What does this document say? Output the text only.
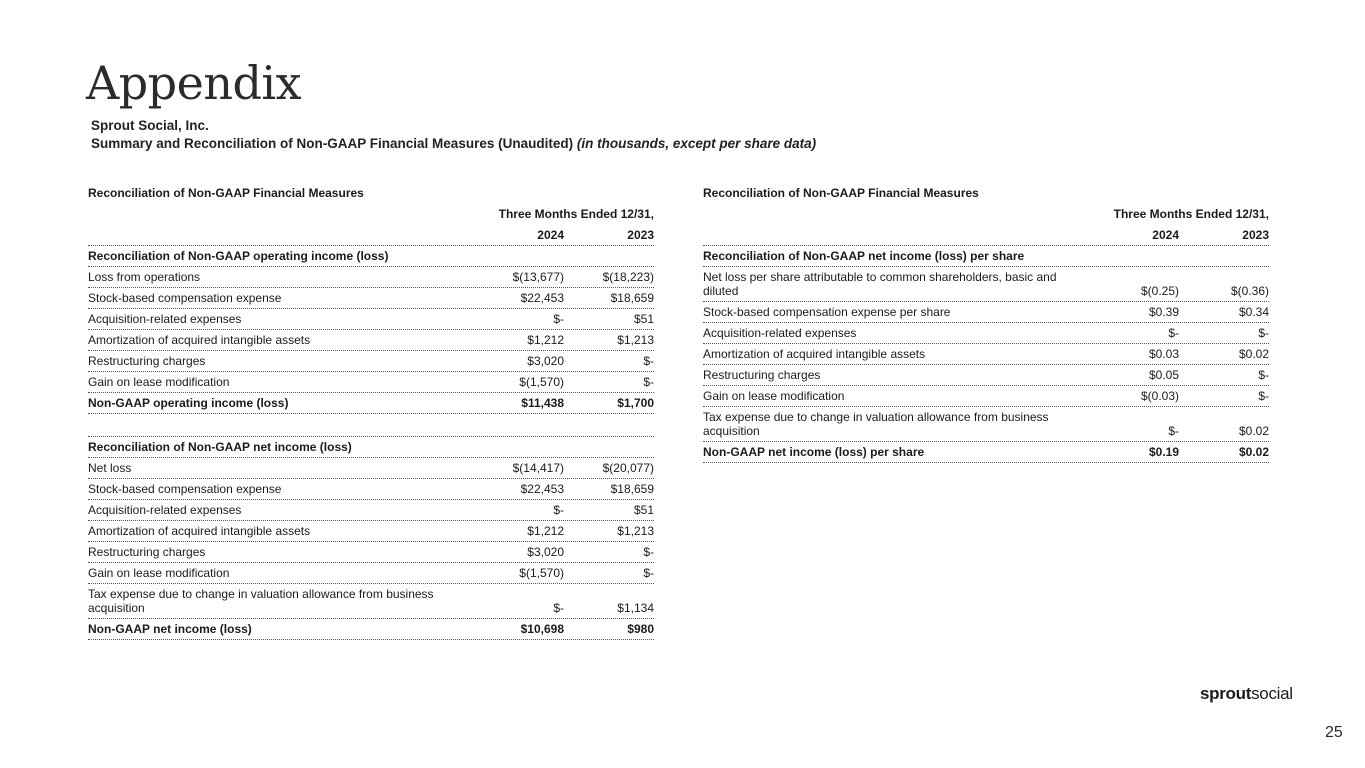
Appendix
Sprout Social, Inc.
Summary and Reconciliation of Non-GAAP Financial Measures (Unaudited) (in thousands, except per share data)
Reconciliation of Non-GAAP Financial Measures
Three Months Ended 12/31,
2024	2023
Reconciliation of Non-GAAP operating income (loss)
Loss from operations	$(13,677)	$(18,223)
Stock-based compensation expense	$22,453	$18,659
Acquisition-related expenses	$-	$51
Amortization of acquired intangible assets	$1,212	$1,213
Restructuring charges	$3,020	$-
Gain on lease modification	$(1,570)	$-
Non-GAAP operating income (loss)	$11,438	$1,700
Reconciliation of Non-GAAP net income (loss)
Net loss	$(14,417)	$(20,077)
Stock-based compensation expense	$22,453	$18,659
Acquisition-related expenses	$-	$51
Amortization of acquired intangible assets	$1,212	$1,213
Restructuring charges	$3,020	$-
Gain on lease modification	$(1,570)	$-
Tax expense due to change in valuation allowance from business acquisition	$-	$1,134
Non-GAAP net income (loss)	$10,698	$980
Reconciliation of Non-GAAP Financial Measures
Three Months Ended 12/31,
2024	2023
Reconciliation of Non-GAAP net income (loss) per share
Net loss per share attributable to common shareholders, basic and diluted	$(0.25)	$(0.36)
Stock-based compensation expense per share	$0.39	$0.34
Acquisition-related expenses	$-	$-
Amortization of acquired intangible assets	$0.03	$0.02
Restructuring charges	$0.05	$-
Gain on lease modification	$(0.03)	$-
Tax expense due to change in valuation allowance from business acquisition	$-	$0.02
Non-GAAP net income (loss) per share	$0.19	$0.02
sproutsocial
25
